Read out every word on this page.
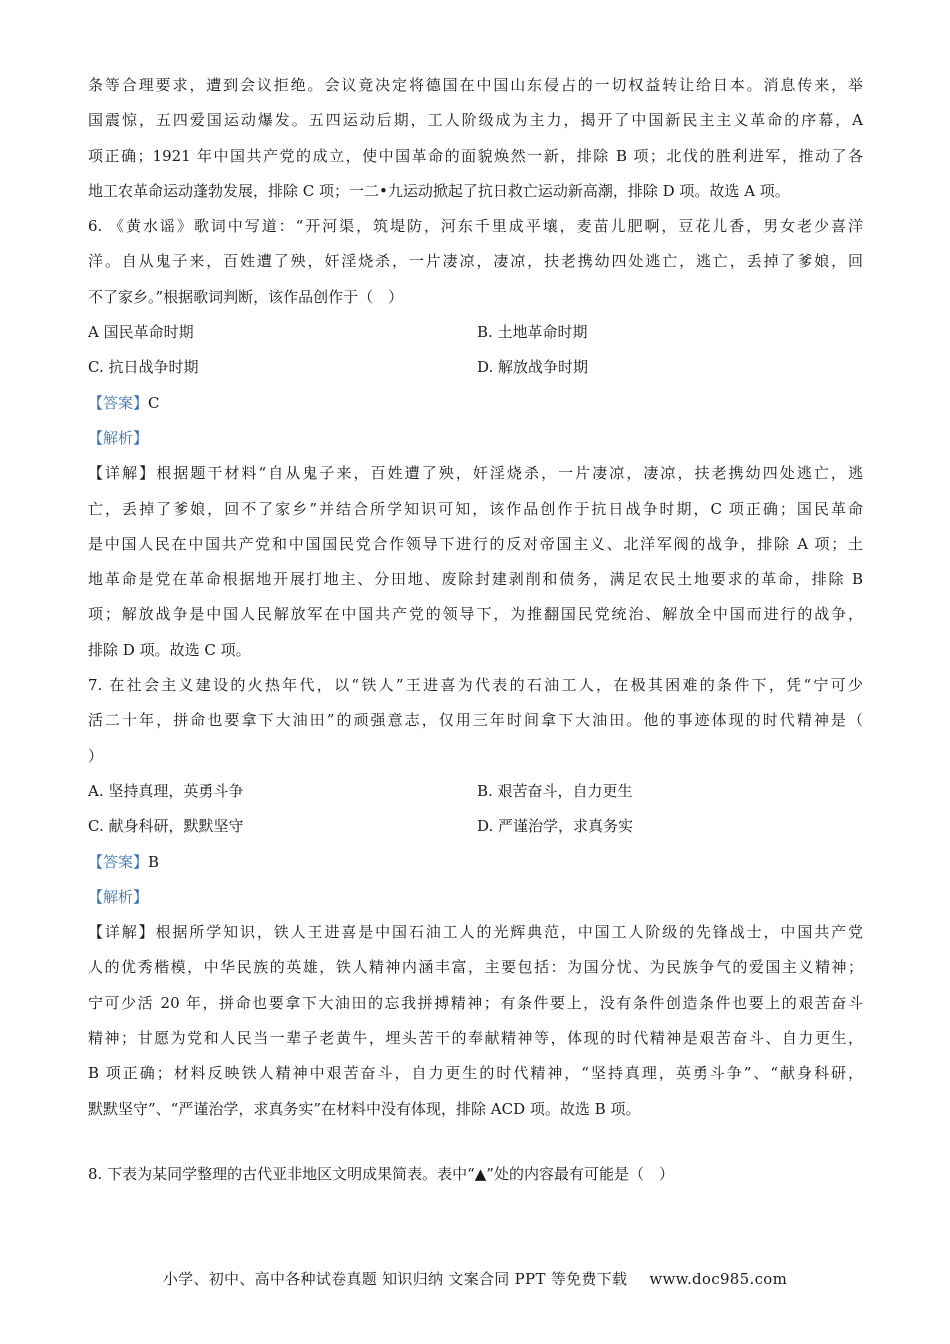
条等合理要求，遭到会议拒绝。会议竟决定将德国在中国山东侵占的一切权益转让给日本。消息传来，举
国震惊，五四爱国运动爆发。五四运动后期，工人阶级成为主力，揭开了中国新民主主义革命的序幕，A
项正确；1921 年中国共产党的成立，使中国革命的面貌焕然一新，排除 B 项；北伐的胜利进军，推动了各
地工农革命运动蓬勃发展，排除 C 项；一二•九运动掀起了抗日救亡运动新高潮，排除 D 项。故选 A 项。
6. 《黄水谣》歌词中写道：“开河渠，筑堤防，河东千里成平壤，麦苗儿肥啊，豆花儿香，男女老少喜洋
洋。自从鬼子来，百姓遭了殃，奸淫烧杀，一片凄凉，凄凉，扶老携幼四处逃亡，逃亡，丢掉了爹娘，回
不了家乡。”根据歌词判断，该作品创作于（　）
A 国民革命时期	B. 土地革命时期
C. 抗日战争时期	D. 解放战争时期
【答案】C
【解析】
【详解】根据题干材料“自从鬼子来，百姓遭了殃，奸淫烧杀，一片凄凉，凄凉，扶老携幼四处逃亡，逃
亡，丢掉了爹娘，回不了家乡”并结合所学知识可知，该作品创作于抗日战争时期，C 项正确；国民革命
是中国人民在中国共产党和中国国民党合作领导下进行的反对帝国主义、北洋军阀的战争，排除 A 项；土
地革命是党在革命根据地开展打地主、分田地、废除封建剥削和债务，满足农民土地要求的革命，排除 B
项；解放战争是中国人民解放军在中国共产党的领导下，为推翻国民党统治、解放全中国而进行的战争，
排除 D 项。故选 C 项。
7. 在社会主义建设的火热年代，以“铁人”王进喜为代表的石油工人，在极其困难的条件下，凭“宁可少
活二十年，拼命也要拿下大油田”的顽强意志，仅用三年时间拿下大油田。他的事迹体现的时代精神是（
）
A. 坚持真理，英勇斗争	B. 艰苦奋斗，自力更生
C. 献身科研，默默坚守	D. 严谨治学，求真务实
【答案】B
【解析】
【详解】根据所学知识，铁人王进喜是中国石油工人的光辉典范，中国工人阶级的先锋战士，中国共产党
人的优秀楷模，中华民族的英雄，铁人精神内涵丰富，主要包括：为国分忧、为民族争气的爱国主义精神；
宁可少活 20 年，拼命也要拿下大油田的忘我拼搏精神；有条件要上，没有条件创造条件也要上的艰苦奋斗
精神；甘愿为党和人民当一辈子老黄牛，埋头苦干的奉献精神等，体现的时代精神是艰苦奋斗、自力更生，
B 项正确；材料反映铁人精神中艰苦奋斗，自力更生的时代精神，“坚持真理，英勇斗争”、“献身科研，
默默坚守”、“严谨治学，求真务实”在材料中没有体现，排除 ACD 项。故选 B 项。
8. 下表为某同学整理的古代亚非地区文明成果简表。表中“▲”处的内容最有可能是（　）
小学、初中、高中各种试卷真题 知识归纳 文案合同 PPT 等免费下载 www.doc985.com
